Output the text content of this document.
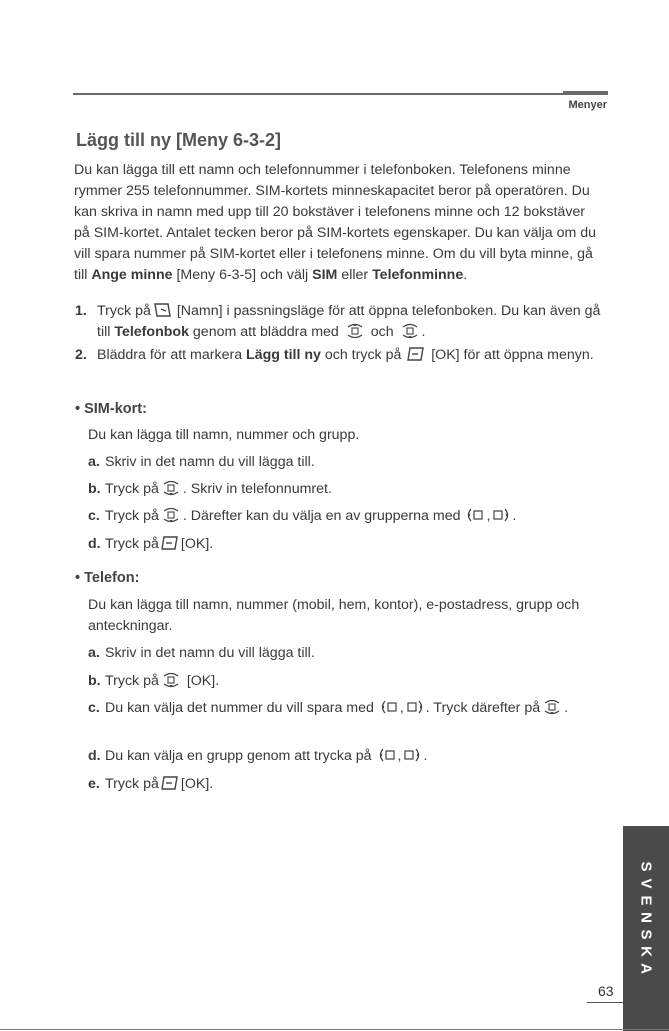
Menyer
Lägg till ny [Meny 6-3-2]

Du kan lägga till ett namn och telefonnummer i telefonboken. Telefonens minne rymmer 255 telefonnummer. SIM-kortets minneskapacitet beror på operatören. Du kan skriva in namn med upp till 20 bokstäver i telefonens minne och 12 bokstäver på SIM-kortet. Antalet tecken beror på SIM-kortets egenskaper. Du kan välja om du vill spara nummer på SIM-kortet eller i telefonens minne. Om du vill byta minne, gå till Ange minne [Meny 6-3-5] och välj SIM eller Telefonminne.

1. Tryck på
[Namn] i passningsläge för att öppna telefonboken. Du kan även gå till Telefonbok genom att bläddra med
och
.
2. Bläddra för att markera Lägg till ny och tryck på
[OK] för att öppna menyn.
• SIM-kort:

Du kan lägga till namn, nummer och grupp.

a. Skriv in det namn du vill lägga till.
b. Tryck på . Skriv in telefonnumret.
c. Tryck på . Därefter kan du välja en av grupperna med
, .
d. Tryck på [OK].
• Telefon:

Du kan lägga till namn, nummer (mobil, hem, kontor), e-postadress, grupp och anteckningar.

a. Skriv in det namn du vill lägga till.
b. Tryck på
[OK].
c. Du kan välja det nummer du vill spara med
, . Tryck därefter på .
d. Du kan välja en grupp genom att trycka på
, .
e. Tryck på [OK].
S
V
E
N
S
K
A
63
